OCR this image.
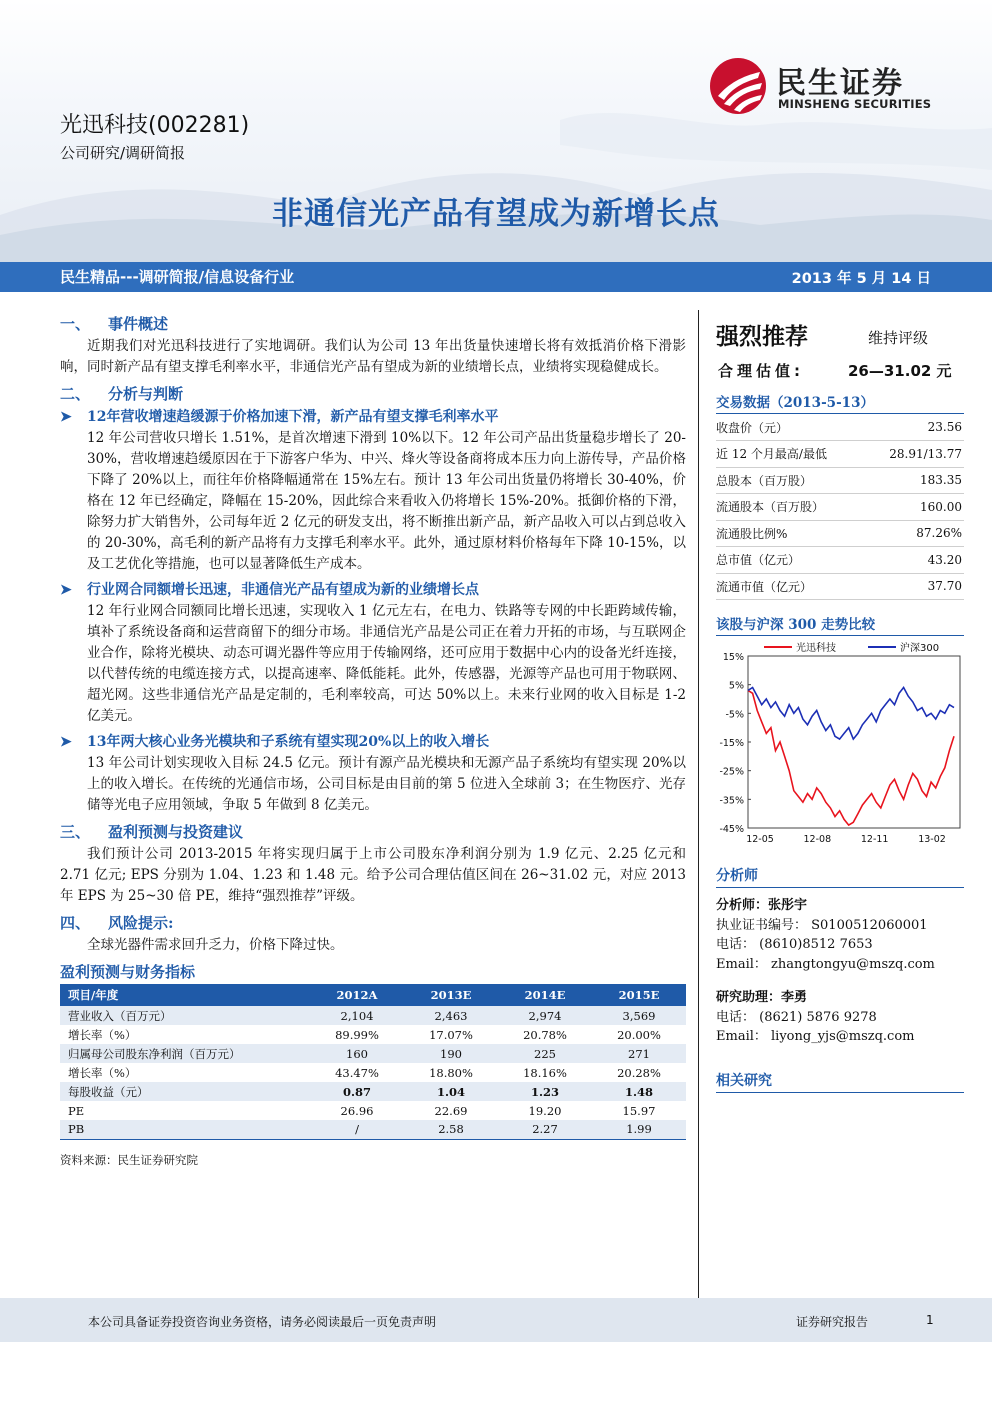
民生证券
MINSHENG SECURITIES
光迅科技(002281)
公司研究/调研简报
非通信光产品有望成为新增长点
民生精品---调研简报/信息设备行业	2013 年 5 月 14 日
一、 事件概述
近期我们对光迅科技进行了实地调研。我们认为公司 13 年出货量快速增长将有效抵消价格下滑影响，同时新产品有望支撑毛利率水平，非通信光产品有望成为新的业绩增长点，业绩将实现稳健成长。
二、 分析与判断
➤ 12年营收增速趋缓源于价格加速下滑，新产品有望支撑毛利率水平
12 年公司营收只增长 1.51%，是首次增速下滑到 10%以下。12 年公司产品出货量稳步增长了 20-30%，营收增速趋缓原因在于下游客户华为、中兴、烽火等设备商将成本压力向上游传导，产品价格下降了 20%以上，而往年价格降幅通常在 15%左右。预计 13 年公司出货量仍将增长 30-40%，价格在 12 年已经确定，降幅在 15-20%，因此综合来看收入仍将增长 15%-20%。抵御价格的下滑，除努力扩大销售外，公司每年近 2 亿元的研发支出，将不断推出新产品，新产品收入可以占到总收入的 20-30%，高毛利的新产品将有力支撑毛利率水平。此外，通过原材料价格每年下降 10-15%，以及工艺优化等措施，也可以显著降低生产成本。
➤ 行业网合同额增长迅速，非通信光产品有望成为新的业绩增长点
12 年行业网合同额同比增长迅速，实现收入 1 亿元左右，在电力、铁路等专网的中长距跨域传输，填补了系统设备商和运营商留下的细分市场。非通信光产品是公司正在着力开拓的市场，与互联网企业合作，除将光模块、动态可调光器件等应用于传输网络，还可应用于数据中心内的设备光纤连接，以代替传统的电缆连接方式，以提高速率、降低能耗。此外，传感器，光源等产品也可用于物联网、超光网。这些非通信光产品是定制的，毛利率较高，可达 50%以上。未来行业网的收入目标是 1-2 亿美元。
➤ 13年两大核心业务光模块和子系统有望实现20%以上的收入增长
13 年公司计划实现收入目标 24.5 亿元。预计有源产品光模块和无源产品子系统均有望实现 20%以上的收入增长。在传统的光通信市场，公司目标是由目前的第 5 位进入全球前 3；在生物医疗、光存储等光电子应用领域，争取 5 年做到 8 亿美元。
三、 盈利预测与投资建议
我们预计公司 2013-2015 年将实现归属于上市公司股东净利润分别为 1.9 亿元、2.25 亿元和 2.71 亿元; EPS 分别为 1.04、1.23 和 1.48 元。给予公司合理估值区间在 26~31.02 元，对应 2013 年 EPS 为 25~30 倍 PE，维持“强烈推荐”评级。
四、 风险提示:
全球光器件需求回升乏力，价格下降过快。
盈利预测与财务指标
项目/年度	2012A	2013E	2014E	2015E
营业收入（百万元）	2,104	2,463	2,974	3,569
增长率（%）	89.99%	17.07%	20.78%	20.00%
归属母公司股东净利润（百万元）	160	190	225	271
增长率（%）	43.47%	18.80%	18.16%	20.28%
每股收益（元）	0.87	1.04	1.23	1.48
PE	26.96	22.69	19.20	15.97
PB	/	2.58	2.27	1.99
资料来源：民生证券研究院
强烈推荐	维持评级
合理估值:	26—31.02 元
交易数据（2013-5-13）
收盘价（元）	23.56
近 12 个月最高/最低	28.91/13.77
总股本（百万股）	183.35
流通股本（百万股）	160.00
流通股比例%	87.26%
总市值（亿元）	43.20
流通市值（亿元）	37.70
该股与沪深 300 走势比较
15%
5%
-5%
-15%
-25%
-35%
-45%
12-05	12-08	12-11	13-02
光迅科技	沪深300
分析师
分析师：张彤宇
执业证书编号： S0100512060001
电话： (8610)8512 7653
Email： zhangtongyu@mszq.com
研究助理：李勇
电话： (8621) 5876 9278
Email： liyong_yjs@mszq.com
相关研究
本公司具备证券投资咨询业务资格，请务必阅读最后一页免责声明	证券研究报告	1
